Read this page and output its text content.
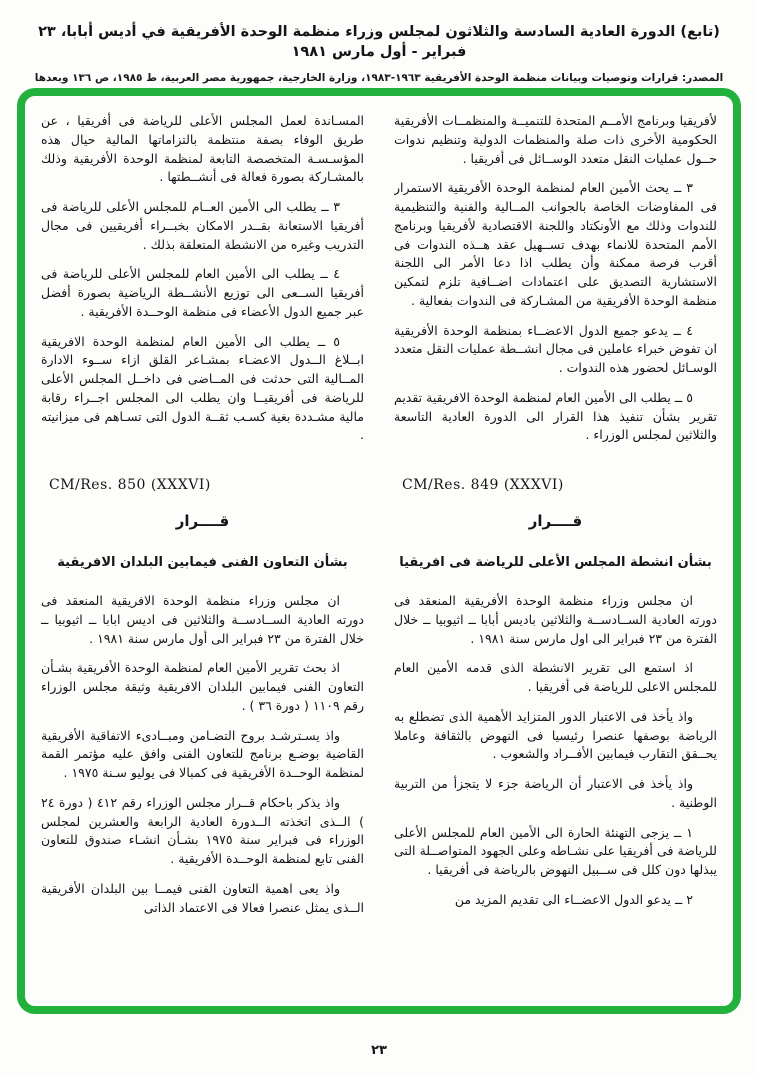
(تابع) الدورة العادية السادسة والثلاثون لمجلس وزراء منظمة الوحدة الأفريقية في أديس أبابا، ٢٣ فبراير - أول مارس ١٩٨١
المصدر: قرارات وتوصيات وبيانات منظمة الوحدة الأفريقية ١٩٦٣-١٩٨٣، وزارة الخارجية، جمهورية مصر العربية، ط ١٩٨٥، ص ١٣٦ وبعدها

لأفريقيا وبرنامج الأمــم المتحدة للتنميــة والمنظمــات الأفريقية الحكومية الأخرى ذات صلة والمنظمات الدولية وتنظيم ندوات حــول عمليات النقل متعدد الوســائل فى أفريقيا .

٣ ــ يحث الأمين العام لمنظمة الوحدة الأفريقية الاستمرار فى المفاوضات الخاصة بالجوانب المــالية والفنية والتنظيمية للندوات وذلك مع الأونكتاد واللجنة الاقتصادية لأفريقيا وبرنامج الأمم المتحدة للانماء بهدف تســهيل عقد هــذه الندوات فى أقرب فرصة ممكنة وأن يطلب اذا دعا الأمر الى اللجنة الاستشارية التصديق على اعتمادات اضــافية تلزم لتمكين منظمة الوحدة الأفريقية من المشـاركة فى الندوات بفعالية .

٤ ــ يدعو جميع الدول الاعضــاء بمنظمة الوحدة الأفريقية ان تفوض خبراء عاملين فى مجال انشــطة عمليات النقل متعدد الوسـائل لحضور هذه الندوات .

٥ ــ يطلب الى الأمين العام لمنظمة الوحدة الافريقية تقديم تقرير بشأن تنفيذ هذا القرار الى الدورة العادية التاسعة والثلاثين لمجلس الوزراء .

CM/Res. 849 (XXXVI)

قــــرار

بشأن انشطة المجلس الأعلى للرياضة فى افريقيا

ان مجلس وزراء منظمة الوحدة الأفريقية المنعقد فى دورته العادية الســادســة والثلاثين باديس أبابا ــ اثيوبيا ــ خلال الفترة من ٢٣ فبراير الى اول مارس سنة ١٩٨١ .

اذ استمع الى تقرير الانشطة الذى قدمه الأمين العام للمجلس الاعلى للرياضة فى أفريقيا .

واذ يأخذ فى الاعتبار الدور المتزايد الأهمية الذى تضطلع به الرياضة بوصفها عنصرا رئيسيا فى النهوض بالثقافة وعاملا يحــقق التقارب فيمابين الأفــراد والشعوب .

واذ يأخذ فى الاعتبار أن الرياضة جزء لا يتجزأ من التربية الوطنية .

١ ــ يزجى التهنئة الحارة الى الأمين العام للمجلس الأعلى للرياضة فى أفريقيا على نشـاطه وعلى الجهود المتواصــلة التى يبذلها دون كلل فى ســبيل النهوض بالرياضة فى أفريقيا .

٢ ــ يدعو الدول الاعضــاء الى تقديم المزيد من

المسـاندة لعمل المجلس الأعلى للرياضة فى أفريقيا ، عن طريق الوفاء بصفة منتظمة بالتزاماتها المالية حيال هذه المؤسـسـة المتخصصة التابعة لمنظمة الوحدة الأفريقية وذلك بالمشـاركة بصورة فعالة فى أنشــطتها .

٣ ــ يطلب الى الأمين العــام للمجلس الأعلى للرياضة فى أفريقيا الاستعانة بقــدر الامكان بخبــراء أفريقيين فى مجال التدريب وغيره من الانشطة المتعلقة بذلك .

٤ ــ يطلب الى الأمين العام للمجلس الأعلى للرياضة فى أفريقيا الســعى الى توزيع الأنشــطة الرياضية بصورة أفضل عبر جميع الدول الأعضاء فى منظمة الوحــدة الأفريقية .

٥ ــ يطلب الى الأمين العام لمنظمة الوحدة الافريقية ابــلاغ الــدول الاعضـاء بمشـاعر القلق ازاء ســوء الادارة المــالية التى حدثت فى المــاضى فى داخــل المجلس الأعلى للرياضة فى أفريقيــا وان يطلب الى المجلس اجــراء رقابة مالية مشـددة بغية كسـب ثقــة الدول التى تسـاهم فى ميزانيته .

CM/Res. 850 (XXXVI)

قــــرار

بشأن التعاون الفنى فيمابين البلدان الافريقية

ان مجلس وزراء منظمة الوحدة الافريقية المنعقد فى دورته العادية الســادســة والثلاثين فى اديس ابابا ــ اثيوبيا ــ خلال الفترة من ٢٣ فبراير الى أول مارس سنة ١٩٨١ .

اذ بحث تقرير الأمين العام لمنظمة الوحدة الأفريقية بشـأن التعاون الفنى فيمابين البلدان الافريقية وثيقة مجلس الوزراء رقم ١١٠٩ ( دورة ٣٦ ) .

واذ يسـترشـد بروح التضـامن ومبــادىء الاتفاقية الأفريقية القاضية بوضـع برنامج للتعاون الفنى وافق عليه مؤتمر القمة لمنظمة الوحــدة الأفريقية فى كمبالا فى يوليو سـنة ١٩٧٥ .

واذ يذكر باحكام قــرار مجلس الوزراء رقم ٤١٢ ( دورة ٢٤ ) الــذى اتخذته الــدورة العادية الرابعة والعشرين لمجلس الوزراء فى فبراير سنة ١٩٧٥ بشـأن انشـاء صندوق للتعاون الفنى تابع لمنظمة الوحــدة الأفريقية .

واذ يعى اهمية التعاون الفنى فيمــا بين البلدان الأفريقية الــذى يمثل عنصرا فعالا فى الاعتماد الذاتى

٢٣
